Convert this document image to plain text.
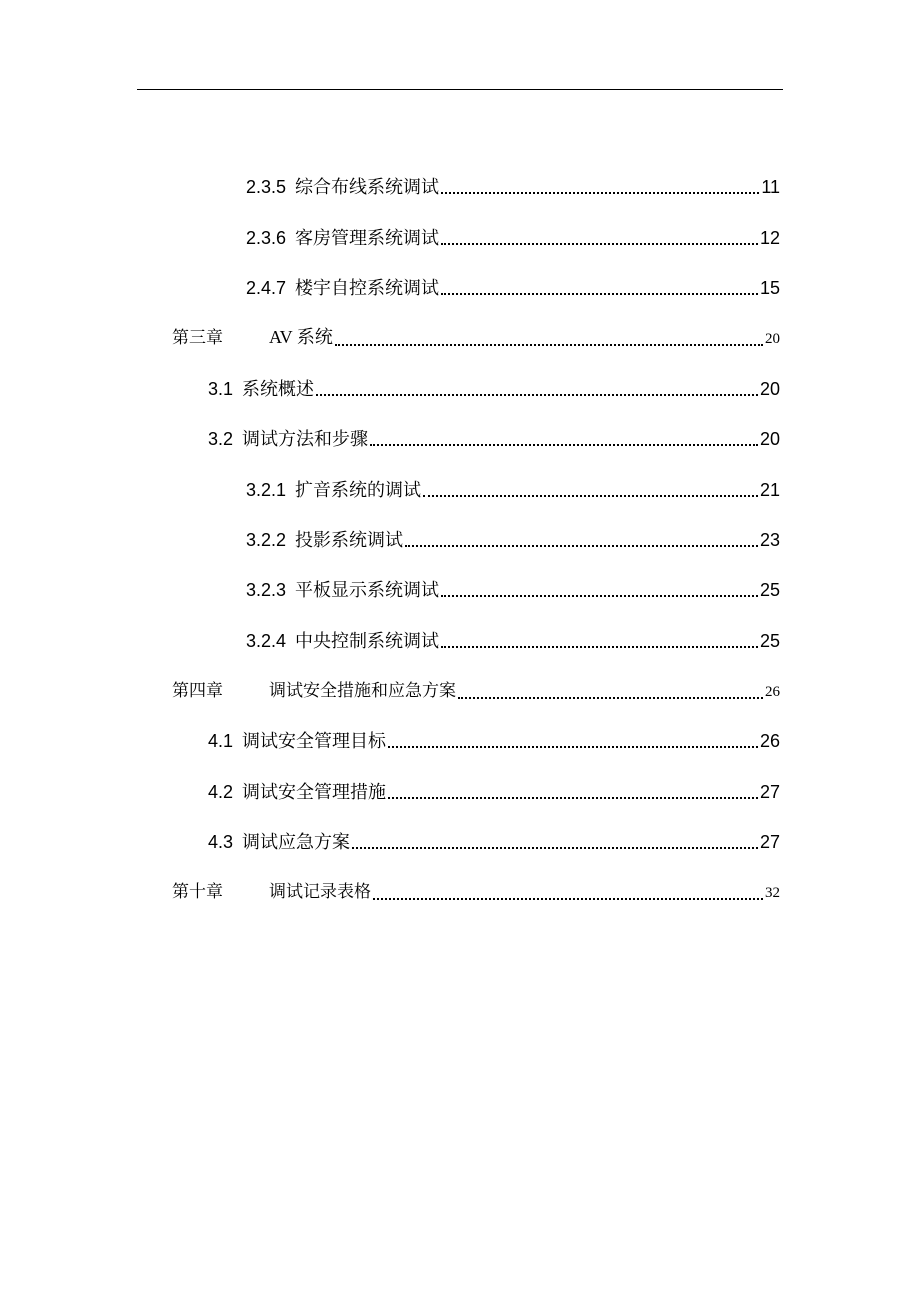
2.3.5 综合布线系统调试	11
2.3.6 客房管理系统调试	12
2.4.7 楼宇自控系统调试	15
第三章	AV 系统	20
3.1 系统概述	20
3.2 调试方法和步骤	20
3.2.1 扩音系统的调试	21
3.2.2 投影系统调试	23
3.2.3 平板显示系统调试	25
3.2.4 中央控制系统调试	25
第四章	调试安全措施和应急方案	26
4.1 调试安全管理目标	26
4.2 调试安全管理措施	27
4.3 调试应急方案	27
第十章	调试记录表格	32
